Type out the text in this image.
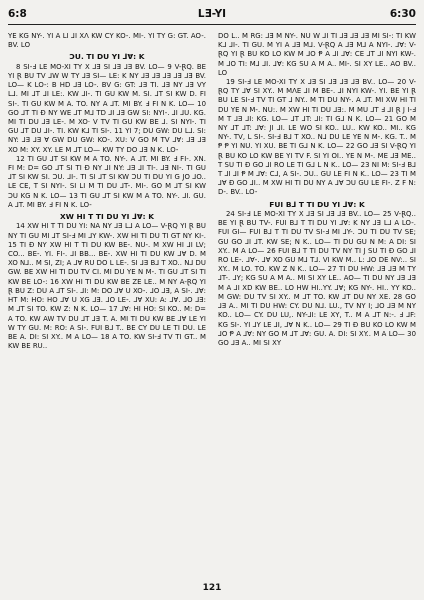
6:8	LƎ-YI	6:30

YE KG NY-. YI A LI ⅃I XɅ KW CY KO-. MI-. YI TY G: GT. AO-. BV. LO

ƆU. TI DU YI ⅃Ɐ: K

8 SI-Ⅎ LE MO-XI TY X ⅃Ǝ SI ⅃Ǝ ⅃Ǝ BV. LO— 9 V-ⱤQ. BE YI Ɽ BU TV ⅃W W TY ⅃Ǝ SI— LE: K NY ⅃Ǝ ⅃Ǝ ⅃Ǝ ⅃Ǝ ⅃Ǝ BV. LO— K LO-: B HD ⅃Ǝ LO-. BV G: GT: ⅃Ǝ TI. ⅃Ǝ NY ⅃Ǝ VY L⅃. MI ⅃T ⅃I LE:. KW ⅃I-. TI GU KW M. SI. ⅃T SI KW D. FI SI-. TI GU KW M A. TO. NY A ⅃T. MI BY. Ⅎ FI N K. LO— 10 GO ⅃T TI Ɖ NY WE ⅃T M⅃ TD ⅃I ⅃Ǝ GW SI: NYI-. ⅃I ⅃U. KG. MI TI DU ⅃Ǝ LE-. M XO· V TV TI GU KW BE ⅃. SI NYI-. TI GU ⅃T DU ⅃I-. TI. KW K⅃ TI SI-. 11 YI 7; DU GW: DU L⅃. SI: NY: ⅃Ǝ ⅃Ǝ Ɐ GW DU GW: KO-. XU: V GO M TV ⅃Ɐ: ⅃Ǝ ⅃Ǝ XO M: XY. XY. LE M ⅃T LO— KW TY DO ⅃Ǝ N K. LO-

12 TI GU ⅃T SI KW M A TO. NY-. A ⅃T. MI BY. Ⅎ FI-. XN. FI M: D= GO ⅃T SI TI Ɖ NY ⅃I NY: ⅃Ǝ ⅃I TI-. ⅃Ǝ NI-. TI GU ⅃T SI KW SI. ƆU. ⅃I-. TI SI ⅃T SI KW ƆU TI DU YI G JO ⅃O.. LE CE, T SI NYI-. SI LI M TI DU ⅃T-. MI-. GO M ⅃T SI KW ƆU KG N K. LO— 13 TI GU ⅃T SI KW M A TO. NY-. ⅃I. GU. A ⅃T. MI BY. Ⅎ FI N K. LO-

XW HI T TI DU YI ⅃Ɐ: K

14 XW HI T TI DU YI: NA NY ⅃Ǝ L⅃ A LO— V-ⱤQ YI Ɽ BU NY TI GU MI ⅃T SI-Ⅎ MI ⅃Y KW-. XW HI TI DU TI GT NY KI-. 15 TI Ɖ NY XW HI T TI DU KW BE-. NU-. M XW HI ⅃I LV; CO... BE-. YI. FI-. ⅃I BB... BE-. XW HI TI DU KW ⅃Ɐ D. M XO N⅃.. M SI, ZI; A ⅃Ɐ RU DO L LE-. SI ⅃Ǝ B⅃ T XO.. N⅃ DU GW. BE XW HI TI DU TV CI. MI DU YE N M-. TI GU ⅃T SI TI KW BE LO-: 16 XW HI TI DU KW BE ZE LE.. M NY A-ⱤQ YI Ɽ BU Z: DU A ⅃T SI-. ⅃I: M: DO ⅃Ɐ U XO-. ⅃O ⅃Ǝ, A SI-. ⅃Ɐ: HT M: HO: HO ⅃Ɐ U XG ⅃Ǝ. ⅃O LE-. ⅃Ɐ XU: A: ⅃Ɐ. ⅃O ⅃Ǝ: M ⅃T SI TO. KW Z: N K. LO— 17 ⅃Ɐ: HI HO: SI KO.. M: D= A TO. KW AW TV DU ⅃T ⅃Ǝ T. A. MI TI DU KW BE ⅃Ɐ LE YI W TY GU. M: RO: A SI-. FUI B⅃ T.. BE CY DU LE TI DU. LE BE A. DI: SI XY.. M A LO— 18 A TO. KW SI-Ⅎ TV TI GT.. M KW BE RU..

DO L.. M RG: ⅃Ǝ M NY-. NU W ⅃I TI ⅃Ǝ ⅃Ǝ ⅃Ǝ MI SI-: TI KW K⅃ ⅃I-. TI GU. M YI A ⅃Ǝ M⅃. V-ⱤQ A ⅃Ǝ M⅃ A NYI-. ⅃Ɐ: V-ⱤQ YI Ɽ BU KO LO KW M ⅃O Ᵽ A ⅃I ⅃Ɐ: CE ⅃T ⅃I NYI KW-. M ⅃O TI: M⅃ ⅃I. ⅃Ɐ: KG SU A M A.. MI-. SI XY LE.. AO BV.. LO

19 SI-Ⅎ LE MO-XI TY X ⅃Ǝ SI ⅃Ǝ ⅃Ǝ ⅃Ǝ BV.. LO— 20 V-ⱤQ TY ⅃Ɐ SI XY.. M MɅE ⅃I M BE-. ⅃I NYI KW-. YI. BE YI Ɽ BU LE SI-Ⅎ TV TI GT ⅃ NY.. M TI DU NY-. A ⅃T. MI XW HI TI DU YE N M-. NU:. M XW HI TI DU ⅃Ǝ:. M MU ⅃T Ⅎ ⅃I Ɽ J I-Ⅎ M T ⅃Ǝ ⅃I: KG. LO— ⅃T ⅃T: ⅃I: TI G⅃ N K. LO— 21 GO M NY ⅃T ⅃T: ⅃Ɐ: JI ⅃I. LE WO SI KO.. LU.. KW KO.. MI.. KG NY-. TV, L SI-. SI-Ⅎ B⅃ T XO.. N⅃ DU LE YE N M-. KG. T.. M Ᵽ Ᵽ YI NU. YI XU. BE TI G⅃ N K. LO— 22 GO ⅃Ǝ SI V-ⱤQ YI Ɽ BU KO LO KW BE YI TV F. SI YI OI.. YE N M-. ME ⅃Ǝ ME.. T SU TI Ɖ GO ⅃I RO LE TI G⅃ L N K.. LO— 23 NI M: SI-Ⅎ B⅃ T ⅃I ⅃I Ᵽ M ⅃Ɐ: C⅃, A SI-. ƆU.. GU LE FI N K.. LO— 23 TI M ⅃Ɐ Ɖ GO ⅃I.. M XW HI TI DU NY A ⅃Ɐ ƆU GU LE FI-. Z F N: D-. BV.. LO-

FUI B⅃ T TI DU YI ⅃Ɐ: K

24 SI-Ⅎ LE MO-XI TY X ⅃Ǝ SI ⅃Ǝ ⅃Ǝ BV.. LO— 25 V-ⱤQ.. BE YI Ɽ BU TV-. FUI B⅃ T TI DU YI ⅃Ɐ: K NY ⅃Ǝ L⅃ A LO-. FUI GI— FUI B⅃ T TI DU TV SI-Ⅎ MI ⅃Y-. ƆU TI DU TV SE; GU GO ⅃I ⅃T. KW SE; N K.. LO— TI DU GU N M: A DI: SI XY.. M A LO— 26 FUI B⅃ T TI DU TV NY TI J SU TI Ɖ GO ⅃I RO LE-. ⅃Ɐ-. ⅃Ɐ XO GU M⅃ T⅃. VI KW M.. L: ⅃O DE NV:.. SI XY.. M LO. TO. KW Z N K.. LO— 27 TI DU HW: ⅃Ǝ ⅃Ǝ M TY ⅃T-. ⅃Y; KG SU A M A.. MI SI XY LE.. AO— TI DU NY ⅃Ǝ ⅃Ǝ M A ⅃I XD KW BE.. LO HW HI..YY. ⅃Ɐ; KG NY-. HI.. YY KO.. M GW: DU TV SI XY.. M ⅃T TO. KW ⅃T DU NY XE. 28 GO ⅃Ǝ A.. MI TI DU HW: CY. DU N⅃. LU., TV NY I; ⅃O ⅃Ǝ M NY KO.. LO— CY. DU LU,. NY-⅃I: LE XY, T.. M A ⅃T N:-. Ⅎ ⅃F: KG SI-. YI ⅃Y LE ⅃I, ⅃Ɐ N K.. LO— 29 TI Ɖ BU KO LO KW M ⅃O Ᵽ A ⅃Ɐ: NY GO M ⅃T ⅃Ɐ: GU. A. DI: SI XY.. M A LO— 30 GO ⅃Ǝ A.. MI SI XY

121
